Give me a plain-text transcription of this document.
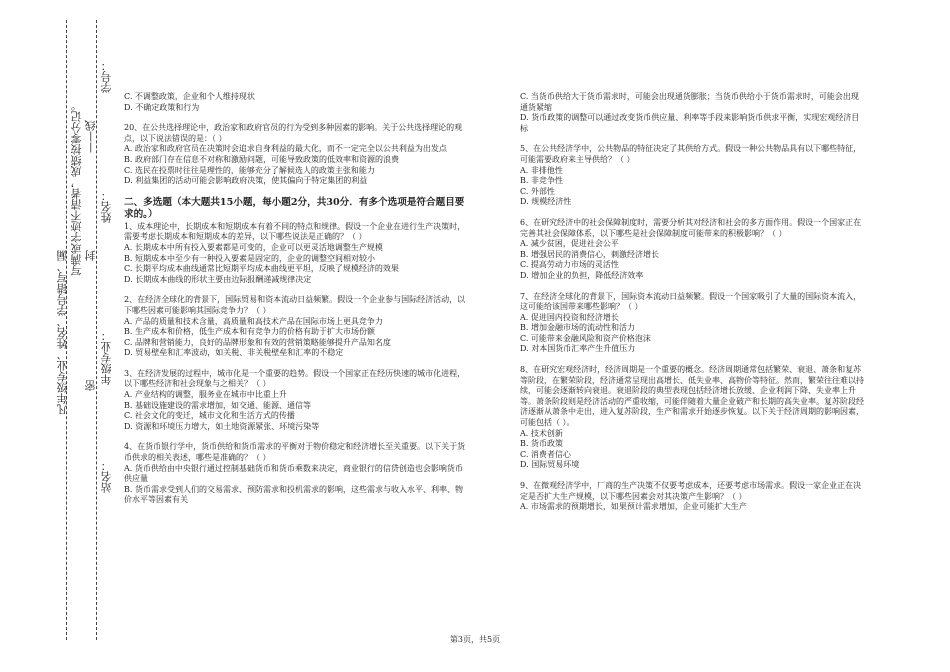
学号：
——线
姓名：
封
年级专业：
密
站名：
写满或字迹不清者，成绩按零分记。
凡年级专业、姓名、学号错写、漏

C. 不调整政策，企业和个人维持现状

D. 不确定政策和行为

20、在公共选择理论中，政治家和政府官员的行为受到多种因素的影响。关于公共选择理论的观点，以下说法错误的是：（ ）

A. 政治家和政府官员在决策时会追求自身利益的最大化，而不一定完全以公共利益为出发点

B. 政府部门存在信息不对称和激励问题，可能导致政策的低效率和资源的浪费

C. 选民在投票时往往是理性的，能够充分了解候选人的政策主张和能力

D. 利益集团的活动可能会影响政府决策，使其偏向于特定集团的利益

二、多选题（本大题共15小题，每小题2分，共30分．有多个选项是符合题目要求的。）

1、成本理论中，长期成本和短期成本有着不同的特点和规律。假设一个企业在进行生产决策时，需要考虑长期成本和短期成本的差异，以下哪些说法是正确的？（ ）

A. 长期成本中所有投入要素都是可变的，企业可以更灵活地调整生产规模

B. 短期成本中至少有一种投入要素是固定的，企业的调整空间相对较小

C. 长期平均成本曲线通常比短期平均成本曲线更平坦，反映了规模经济的效果

D. 长期成本曲线的形状主要由边际报酬递减规律决定

2、在经济全球化的背景下，国际贸易和资本流动日益频繁。假设一个企业参与国际经济活动，以下哪些因素可能影响其国际竞争力？（ ）

A. 产品的质量和技术含量，高质量和高技术产品在国际市场上更具竞争力

B. 生产成本和价格，低生产成本和有竞争力的价格有助于扩大市场份额

C. 品牌和营销能力，良好的品牌形象和有效的营销策略能够提升产品知名度

D. 贸易壁垒和汇率波动，如关税、非关税壁垒和汇率的不稳定

3、在经济发展的过程中，城市化是一个重要的趋势。假设一个国家正在经历快速的城市化进程，以下哪些经济和社会现象与之相关？（ ）

A. 产业结构的调整，服务业在城市中比重上升

B. 基础设施建设的需求增加，如交通、能源、通信等

C. 社会文化的变迁，城市文化和生活方式的传播

D. 资源和环境压力增大，如土地资源紧张、环境污染等

4、在货币银行学中，货币供给和货币需求的平衡对于物价稳定和经济增长至关重要。以下关于货币供求的相关表述，哪些是准确的？（ ）

A. 货币供给由中央银行通过控制基础货币和货币乘数来决定，商业银行的信贷创造也会影响货币供应量

B. 货币需求受到人们的交易需求、预防需求和投机需求的影响，这些需求与收入水平、利率、物价水平等因素有关

C. 当货币供给大于货币需求时，可能会出现通货膨胀；当货币供给小于货币需求时，可能会出现通货紧缩

D. 货币政策的调整可以通过改变货币供应量、利率等手段来影响货币供求平衡，实现宏观经济目标

5、在公共经济学中，公共物品的特征决定了其供给方式。假设一种公共物品具有以下哪些特征，可能需要政府来主导供给？（ ）

A. 非排他性

B. 非竞争性

C. 外部性

D. 规模经济性

6、在研究经济中的社会保障制度时，需要分析其对经济和社会的多方面作用。假设一个国家正在完善其社会保障体系，以下哪些是社会保障制度可能带来的积极影响？（ ）

A. 减少贫困，促进社会公平

B. 增强居民的消费信心，刺激经济增长

C. 提高劳动力市场的灵活性

D. 增加企业的负担，降低经济效率

7、在经济全球化的背景下，国际资本流动日益频繁。假设一个国家吸引了大量的国际资本流入，这可能给该国带来哪些影响？（ ）

A. 促进国内投资和经济增长

B. 增加金融市场的流动性和活力

C. 可能带来金融风险和资产价格泡沫

D. 对本国货币汇率产生升值压力

8、在研究宏观经济时，经济周期是一个重要的概念。经济周期通常包括繁荣、衰退、萧条和复苏等阶段，在繁荣阶段，经济通常呈现出高增长、低失业率、高物价等特征。然而，繁荣往往难以持续，可能会逐渐转向衰退。衰退阶段的典型表现包括经济增长放缓、企业利润下降、失业率上升等。萧条阶段则是经济活动的严重收缩，可能伴随着大量企业破产和长期的高失业率。复苏阶段经济逐渐从萧条中走出，进入复苏阶段，生产和需求开始逐步恢复。以下关于经济周期的影响因素，可能包括（ ）。

A. 技术创新

B. 货币政策

C. 消费者信心

D. 国际贸易环境

9、在微观经济学中，厂商的生产决策不仅要考虑成本，还要考虑市场需求。假设一家企业正在决定是否扩大生产规模，以下哪些因素会对其决策产生影响？（ ）

A. 市场需求的预期增长，如果预计需求增加，企业可能扩大生产

第3页，共5页
